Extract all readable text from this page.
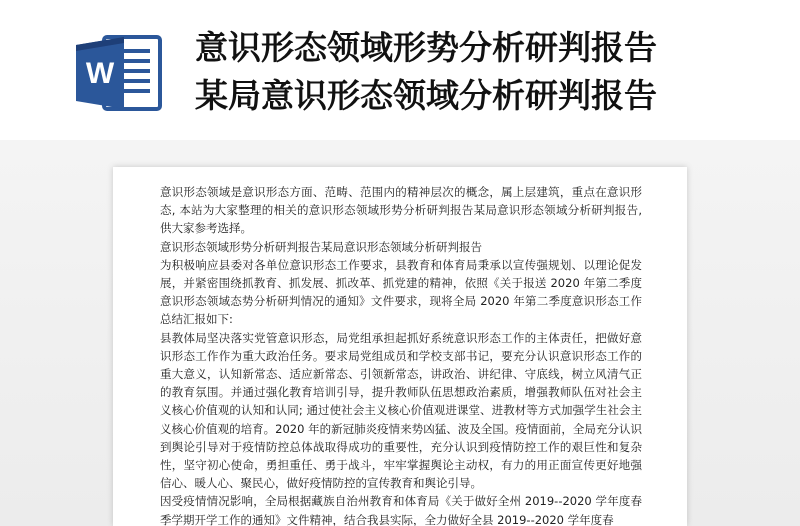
W
意识形态领域形势分析研判报告
某局意识形态领域分析研判报告

意识形态领域是意识形态方面、范畴、范围内的精神层次的概念，属上层建筑，重点在意识形态, 本站为大家整理的相关的意识形态领域形势分析研判报告某局意识形态领域分析研判报告,供大家参考选择。

意识形态领域形势分析研判报告某局意识形态领域分析研判报告

为积极响应县委对各单位意识形态工作要求，县教育和体育局秉承以宣传强规划、以理论促发展，并紧密围绕抓教育、抓发展、抓改革、抓党建的精神，依照《关于报送 2020 年第二季度意识形态领域态势分析研判情况的通知》文件要求，现将全局 2020 年第二季度意识形态工作总结汇报如下:

县教体局坚决落实党管意识形态，局党组承担起抓好系统意识形态工作的主体责任，把做好意识形态工作作为重大政治任务。要求局党组成员和学校支部书记，要充分认识意识形态工作的重大意义，认知新常态、适应新常态、引领新常态，讲政治、讲纪律、守底线，树立风清气正的教育氛围。并通过强化教育培训引导，提升教师队伍思想政治素质，增强教师队伍对社会主义核心价值观的认知和认同; 通过使社会主义核心价值观进课堂、进教材等方式加强学生社会主义核心价值观的培育。2020 年的新冠肺炎疫情来势凶猛、波及全国。疫情面前，全局充分认识到舆论引导对于疫情防控总体战取得成功的重要性，充分认识到疫情防控工作的艰巨性和复杂性，坚守初心使命，勇担重任、勇于战斗，牢牢掌握舆论主动权，有力的用正面宣传更好地强信心、暖人心、聚民心，做好疫情防控的宣传教育和舆论引导。

因受疫情情况影响，全局根据藏族自治州教育和体育局《关于做好全州 2019--2020 学年度春季学期开学工作的通知》文件精神，结合我县实际，全力做好全县 2019--2020 学年度春
